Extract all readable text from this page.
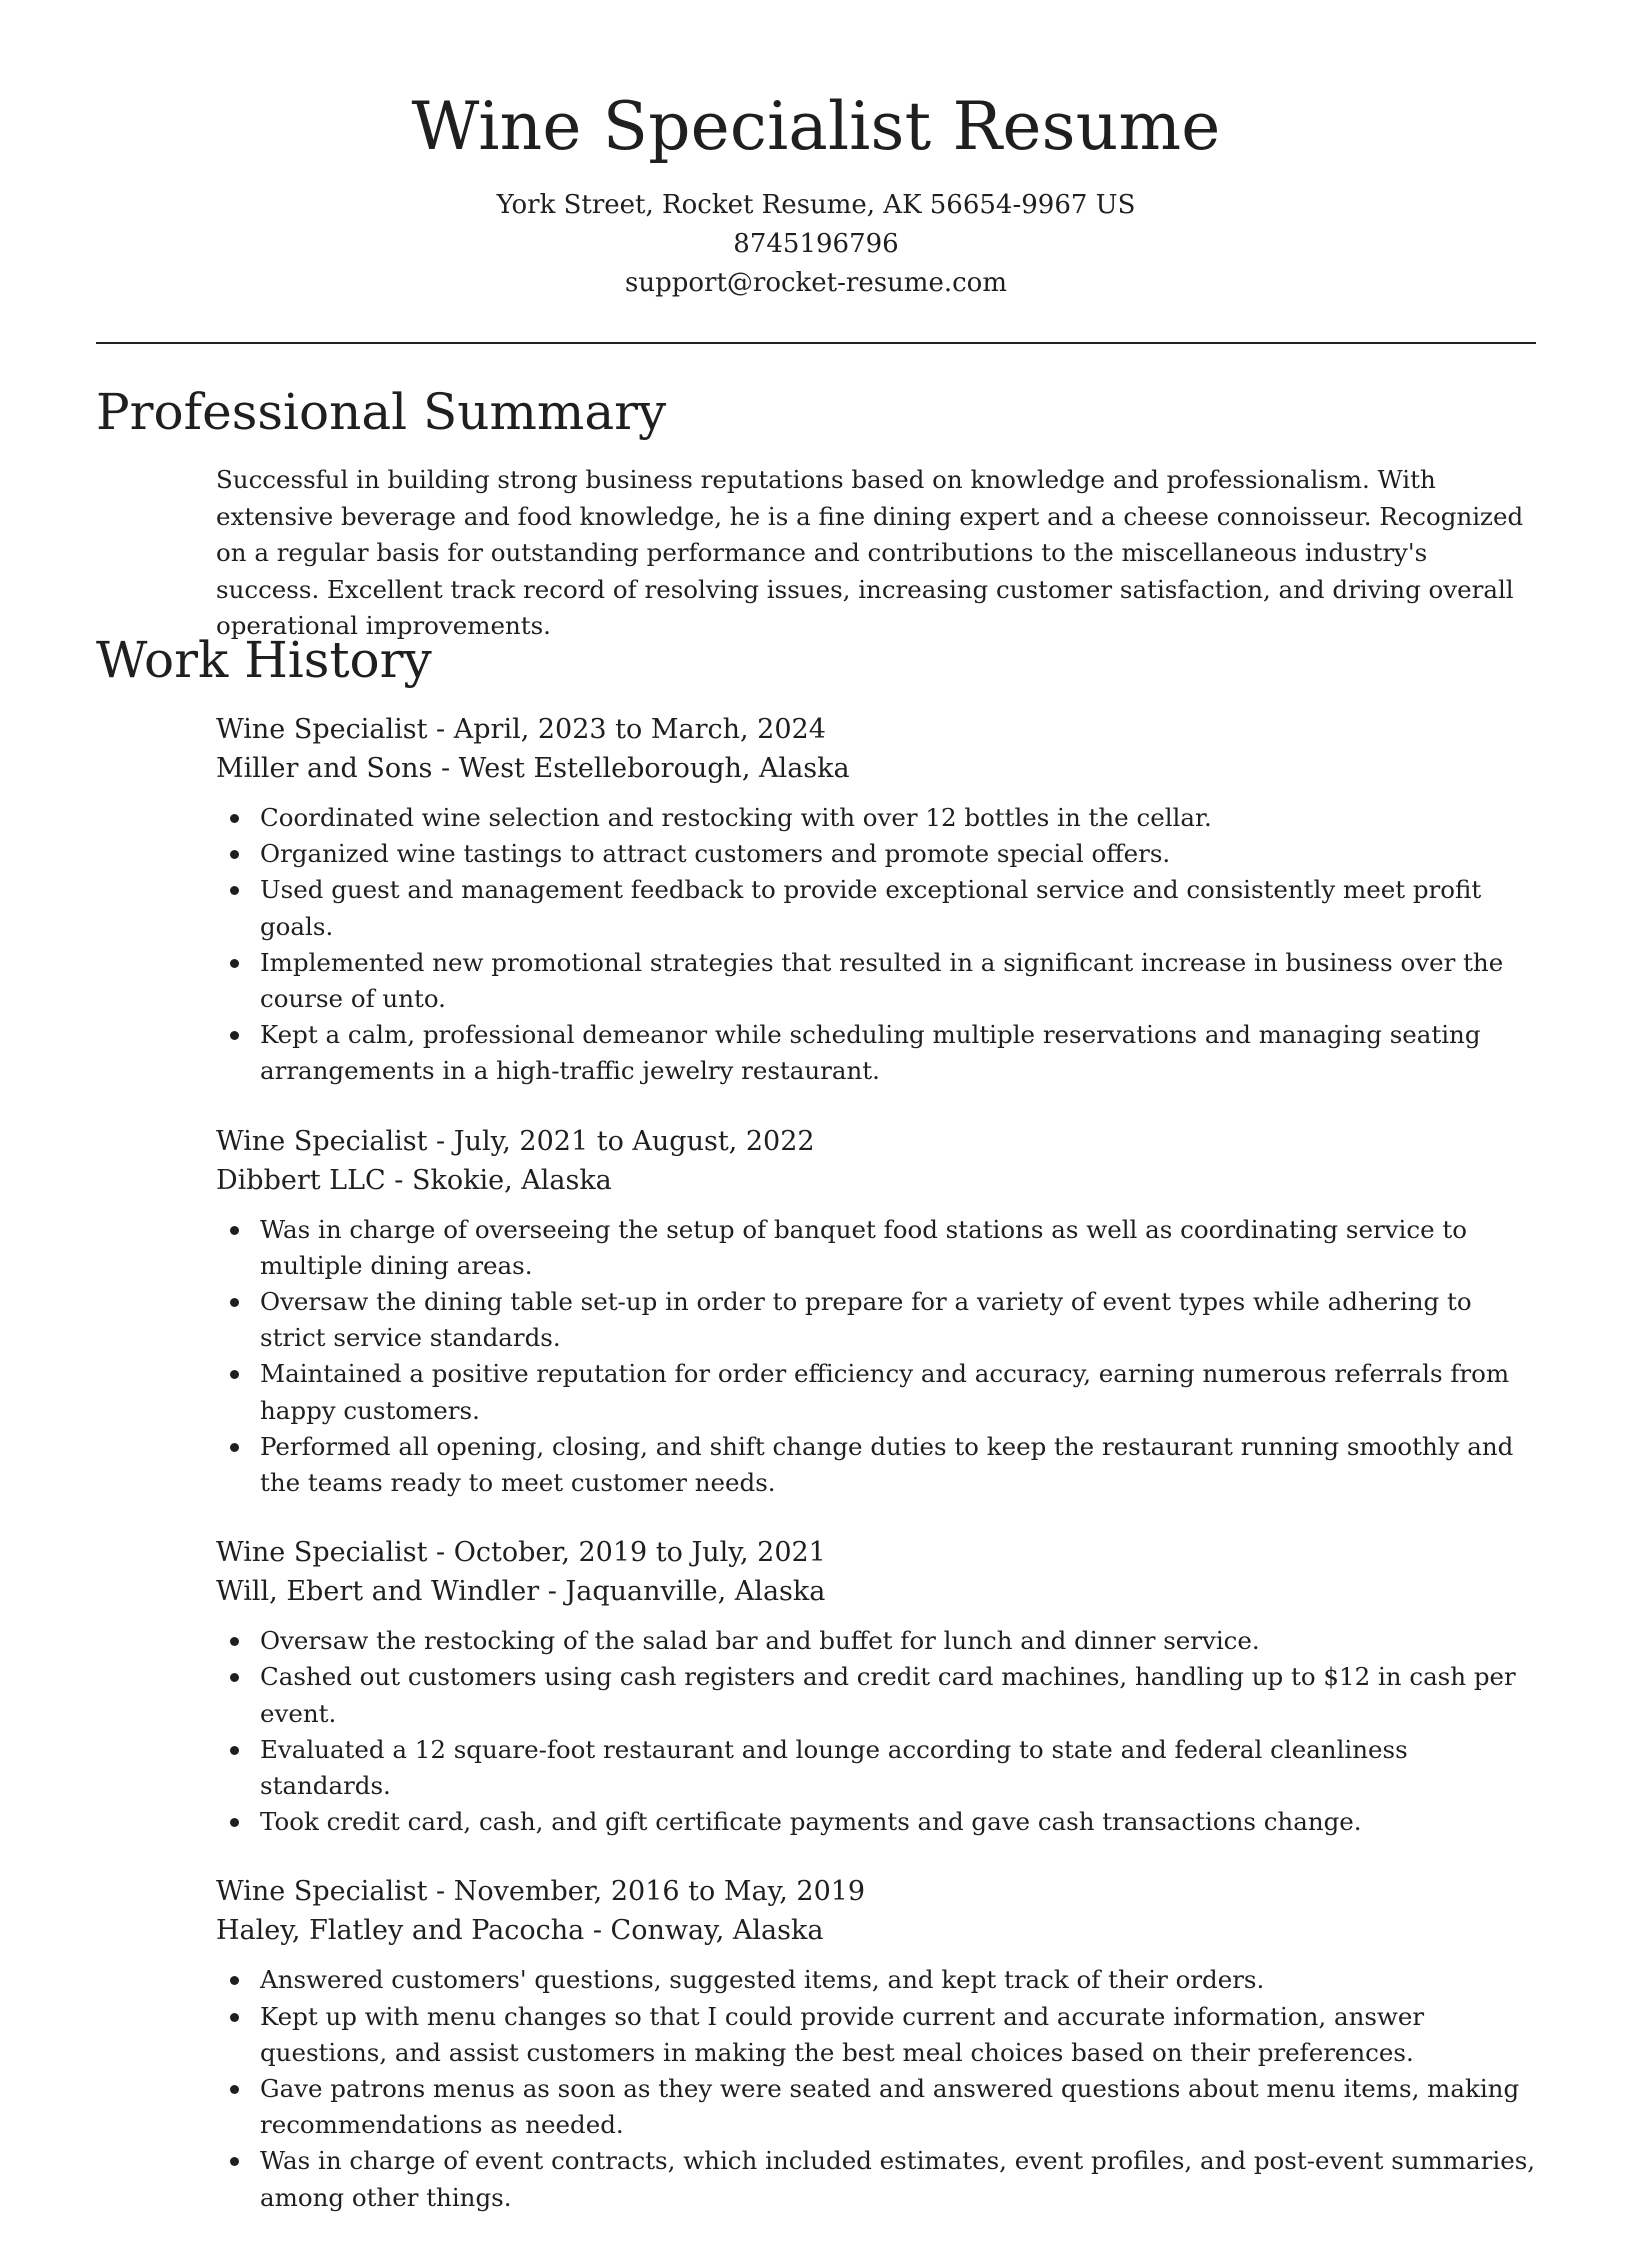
Wine Specialist Resume
York Street, Rocket Resume, AK 56654-9967 US
8745196796
support@rocket-resume.com
Professional Summary

Successful in building strong business reputations based on knowledge and professionalism. With extensive beverage and food knowledge, he is a fine dining expert and a cheese connoisseur. Recognized on a regular basis for outstanding performance and contributions to the miscellaneous industry's success. Excellent track record of resolving issues, increasing customer satisfaction, and driving overall operational improvements.

Work History
Wine Specialist - April, 2023 to March, 2024
Miller and Sons - West Estelleborough, Alaska
Coordinated wine selection and restocking with over 12 bottles in the cellar.
Organized wine tastings to attract customers and promote special offers.
Used guest and management feedback to provide exceptional service and consistently meet profit goals.
Implemented new promotional strategies that resulted in a significant increase in business over the course of unto.
Kept a calm, professional demeanor while scheduling multiple reservations and managing seating arrangements in a high-traffic jewelry restaurant.
Wine Specialist - July, 2021 to August, 2022
Dibbert LLC - Skokie, Alaska
Was in charge of overseeing the setup of banquet food stations as well as coordinating service to multiple dining areas.
Oversaw the dining table set-up in order to prepare for a variety of event types while adhering to strict service standards.
Maintained a positive reputation for order efficiency and accuracy, earning numerous referrals from happy customers.
Performed all opening, closing, and shift change duties to keep the restaurant running smoothly and the teams ready to meet customer needs.
Wine Specialist - October, 2019 to July, 2021
Will, Ebert and Windler - Jaquanville, Alaska
Oversaw the restocking of the salad bar and buffet for lunch and dinner service.
Cashed out customers using cash registers and credit card machines, handling up to $12 in cash per event.
Evaluated a 12 square-foot restaurant and lounge according to state and federal cleanliness standards.
Took credit card, cash, and gift certificate payments and gave cash transactions change.
Wine Specialist - November, 2016 to May, 2019
Haley, Flatley and Pacocha - Conway, Alaska
Answered customers' questions, suggested items, and kept track of their orders.
Kept up with menu changes so that I could provide current and accurate information, answer questions, and assist customers in making the best meal choices based on their preferences.
Gave patrons menus as soon as they were seated and answered questions about menu items, making recommendations as needed.
Was in charge of event contracts, which included estimates, event profiles, and post-event summaries, among other things.
